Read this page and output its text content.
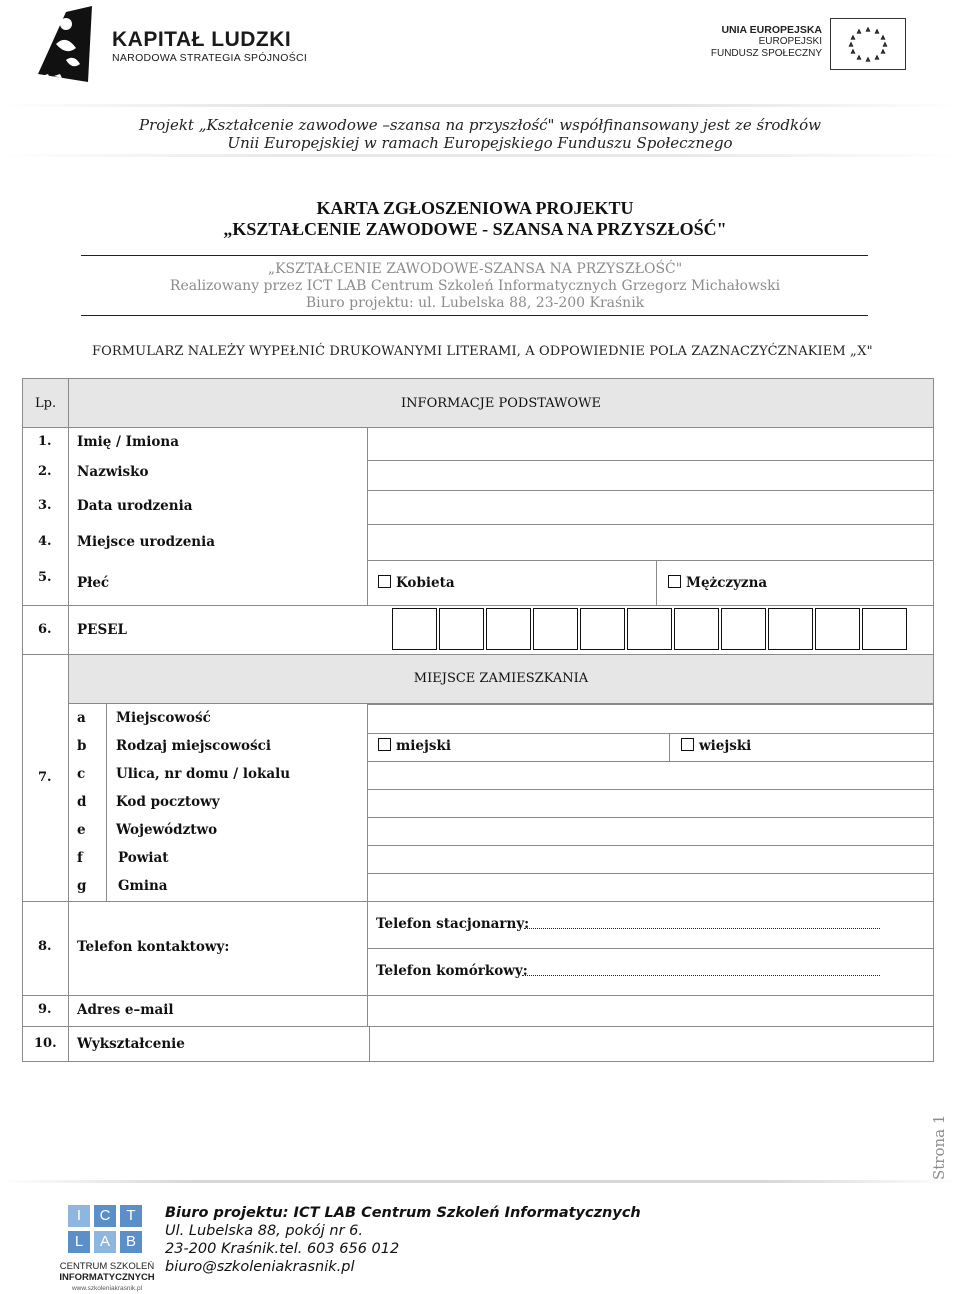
KAPITAŁ LUDZKI
NARODOWA STRATEGIA SPÓJNOŚCI
UNIA EUROPEJSKA
EUROPEJSKI
FUNDUSZ SPOŁECZNY
Projekt „Kształcenie zawodowe –szansa na przyszłość" współfinansowany jest ze środków
Unii Europejskiej w ramach Europejskiego Funduszu Społecznego
KARTA ZGŁOSZENIOWA PROJEKTU
„KSZTAŁCENIE ZAWODOWE - SZANSA NA PRZYSZŁOŚĆ"
„KSZTAŁCENIE ZAWODOWE-SZANSA NA PRZYSZŁOŚĆ"
Realizowany przez ICT LAB Centrum Szkoleń Informatycznych Grzegorz Michałowski
Biuro projektu: ul. Lubelska 88, 23-200 Kraśnik
FORMULARZ NALEŻY WYPEŁNIĆ DRUKOWANYMI LITERAMI, A ODPOWIEDNIE POLA ZAZNACZYĆZNAKIEM „X"
Lp.	INFORMACJE PODSTAWOWE
1. Imię / Imiona
2. Nazwisko
3. Data urodzenia
4. Miejsce urodzenia
5. Płeć	Kobieta	Mężczyzna
6. PESEL
MIEJSCE ZAMIESZKANIA
7.
a Miejscowość
b Rodzaj miejscowości	miejski	wiejski
c Ulica, nr domu / lokalu
d Kod pocztowy
e Województwo
f	Powiat
g Gmina
8. Telefon kontaktowy:
Telefon stacjonarny:
Telefon komórkowy:
9. Adres e–mail
10. Wykształcenie
Strona 1
I	C	T
L	A	B
CENTRUM SZKOLEŃ
INFORMATYCZNYCH
www.szkoleniakrasnik.pl
Biuro projektu: ICT LAB Centrum Szkoleń Informatycznych
Ul. Lubelska 88, pokój nr 6.
23-200 Kraśnik.tel. 603 656 012
biuro@szkoleniakrasnik.pl
